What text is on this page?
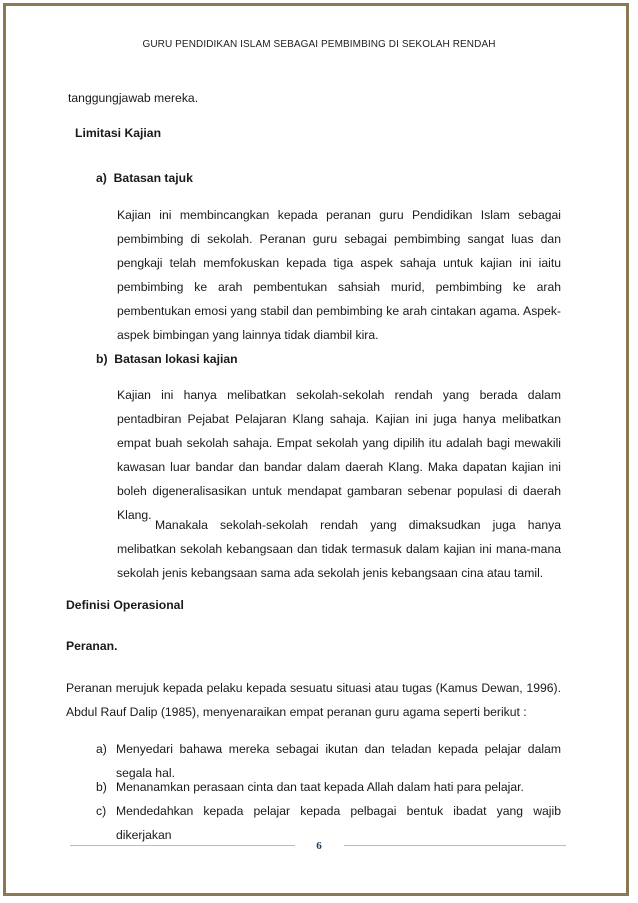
GURU PENDIDIKAN ISLAM SEBAGAI PEMBIMBING DI SEKOLAH RENDAH

tanggungjawab mereka.

Limitasi Kajian

a)  Batasan tajuk

Kajian ini membincangkan kepada peranan guru Pendidikan Islam sebagai pembimbing di sekolah. Peranan guru sebagai pembimbing sangat luas dan pengkaji telah memfokuskan kepada tiga aspek sahaja untuk kajian ini iaitu pembimbing ke arah pembentukan sahsiah murid, pembimbing ke arah pembentukan emosi yang stabil dan pembimbing ke arah cintakan agama. Aspek-aspek bimbingan yang lainnya tidak diambil kira.

b)  Batasan lokasi kajian

Kajian ini hanya melibatkan sekolah-sekolah rendah yang berada dalam pentadbiran Pejabat Pelajaran Klang sahaja. Kajian ini juga hanya melibatkan empat buah sekolah sahaja. Empat sekolah yang dipilih itu adalah bagi mewakili kawasan luar bandar dan bandar dalam daerah Klang. Maka dapatan kajian ini boleh digeneralisasikan untuk mendapat gambaran sebenar populasi di daerah Klang.

Manakala sekolah-sekolah rendah yang dimaksudkan juga hanya melibatkan sekolah kebangsaan dan tidak termasuk dalam kajian ini mana-mana sekolah jenis kebangsaan sama ada sekolah jenis kebangsaan cina atau tamil.

Definisi Operasional

Peranan.

Peranan merujuk kepada pelaku kepada sesuatu situasi atau tugas (Kamus Dewan, 1996). Abdul Rauf Dalip (1985), menyenaraikan empat peranan guru agama seperti berikut :

a) Menyedari bahawa mereka sebagai ikutan dan teladan kepada pelajar dalam segala hal.
b) Menanamkan perasaan cinta dan taat kepada Allah dalam hati para pelajar.
c) Mendedahkan kepada pelajar kepada pelbagai bentuk ibadat yang wajib dikerjakan
6
